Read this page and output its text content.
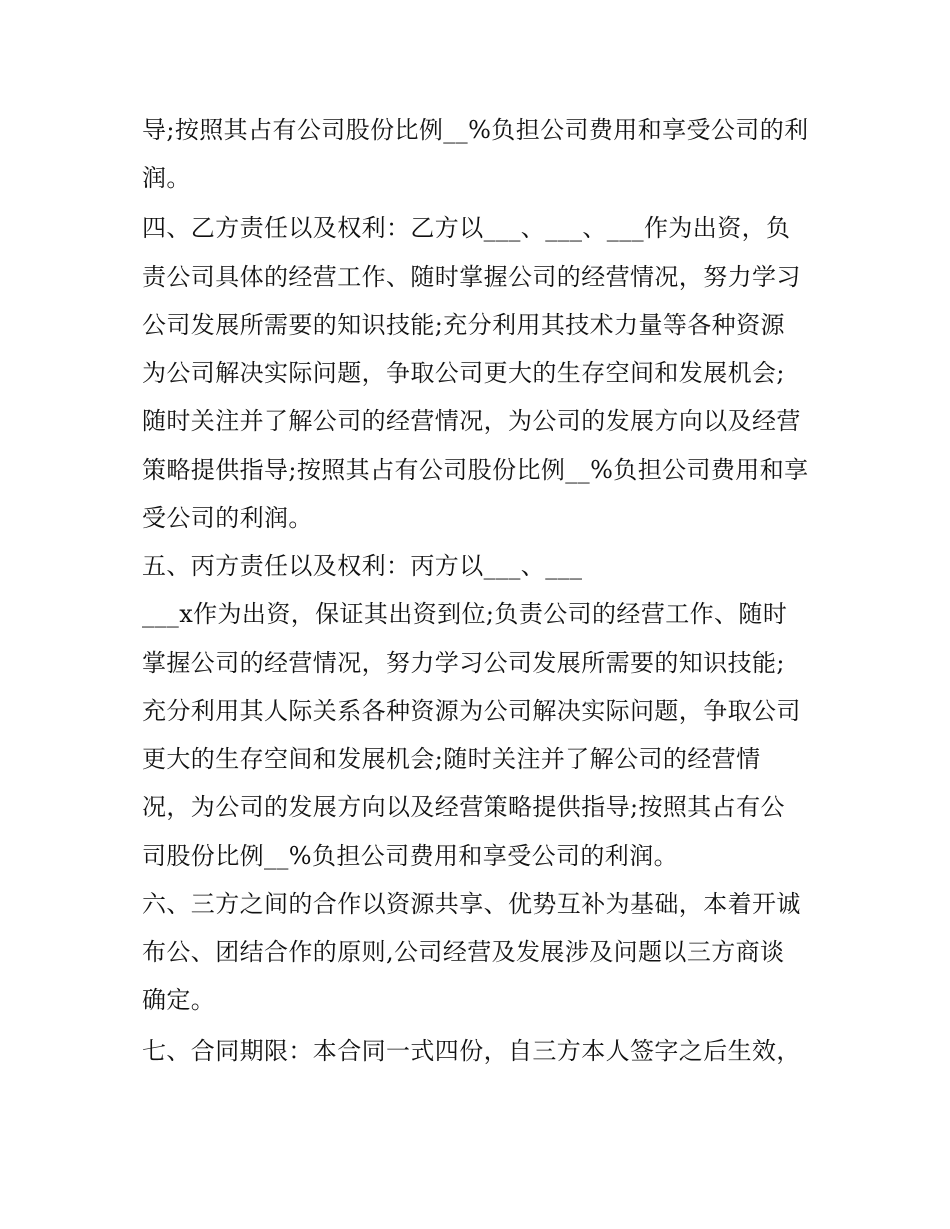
导;按照其占有公司股份比例__%负担公司费用和享受公司的利
润。
四、乙方责任以及权利：乙方以___、___、___作为出资，负
责公司具体的经营工作、随时掌握公司的经营情况，努力学习
公司发展所需要的知识技能;充分利用其技术力量等各种资源
为公司解决实际问题，争取公司更大的生存空间和发展机会;
随时关注并了解公司的经营情况，为公司的发展方向以及经营
策略提供指导;按照其占有公司股份比例__%负担公司费用和享
受公司的利润。
五、丙方责任以及权利：丙方以___、___
___x作为出资，保证其出资到位;负责公司的经营工作、随时
掌握公司的经营情况，努力学习公司发展所需要的知识技能;
充分利用其人际关系各种资源为公司解决实际问题，争取公司
更大的生存空间和发展机会;随时关注并了解公司的经营情
况，为公司的发展方向以及经营策略提供指导;按照其占有公
司股份比例__%负担公司费用和享受公司的利润。
六、三方之间的合作以资源共享、优势互补为基础，本着开诚
布公、团结合作的原则,公司经营及发展涉及问题以三方商谈
确定。
七、合同期限：本合同一式四份，自三方本人签字之后生效，
